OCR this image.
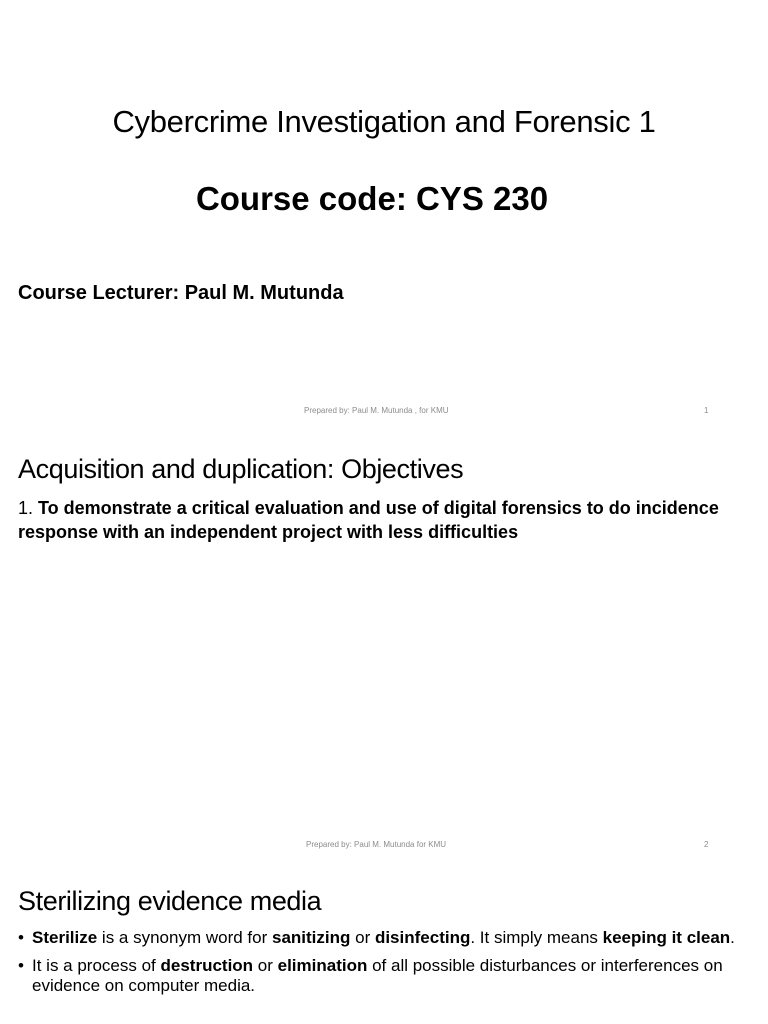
Cybercrime Investigation and Forensic 1
Course code: CYS 230
Course Lecturer: Paul M. Mutunda
Prepared by: Paul M. Mutunda , for KMU	1
Acquisition and duplication: Objectives
1. To demonstrate a critical evaluation and use of digital forensics to do incidence response with an independent project with less difficulties
Prepared by: Paul M. Mutunda for KMU	2
Sterilizing evidence media
• Sterilize is a synonym word for sanitizing or disinfecting. It simply means keeping it clean.
• It is a process of destruction or elimination of all possible disturbances or interferences on evidence on computer media.
